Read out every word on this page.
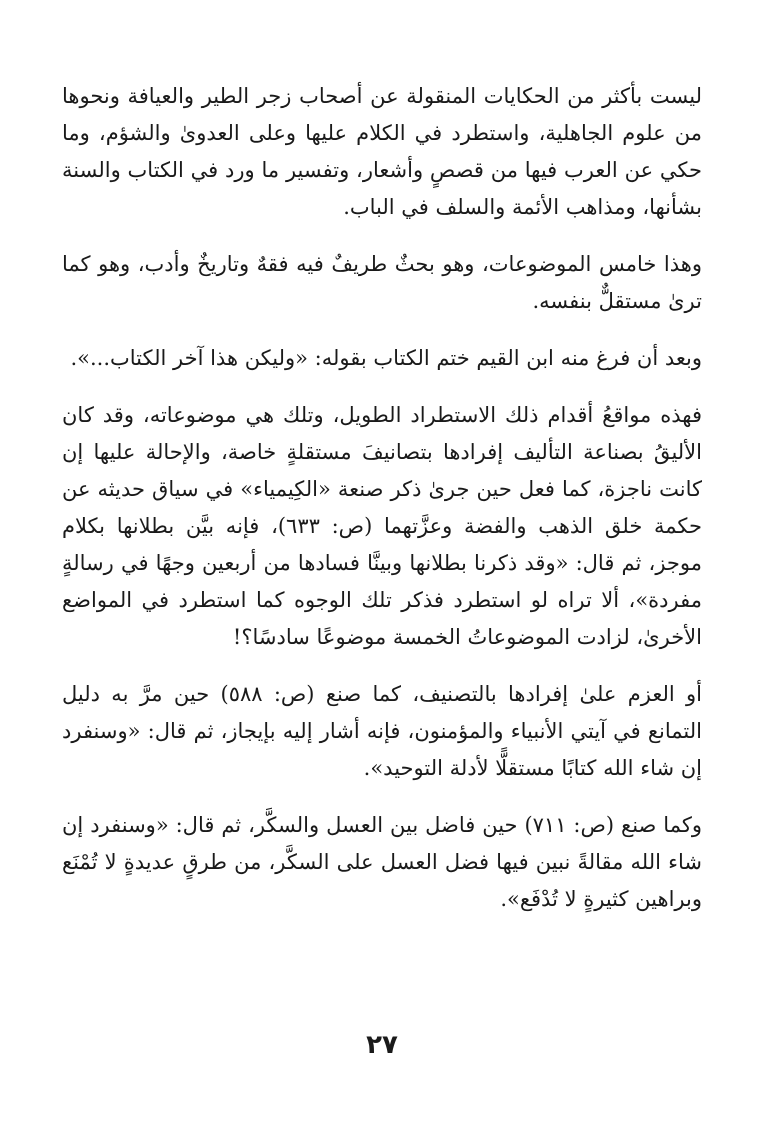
ليست بأكثر من الحكايات المنقولة عن أصحاب زجر الطير والعيافة ونحوها من علوم الجاهلية، واستطرد في الكلام عليها وعلى العدوىٰ والشؤم، وما حكي عن العرب فيها من قصصٍ وأشعار، وتفسير ما ورد في الكتاب والسنة بشأنها، ومذاهب الأئمة والسلف في الباب.

وهذا خامس الموضوعات، وهو بحثٌ طريفٌ فيه فقهٌ وتاريخٌ وأدب، وهو كما ترىٰ مستقلٌّ بنفسه.

وبعد أن فرغ منه ابن القيم ختم الكتاب بقوله: «وليكن هذا آخر الكتاب...».

فهذه مواقعُ أقدام ذلك الاستطراد الطويل، وتلك هي موضوعاته، وقد كان الأليقُ بصناعة التأليف إفرادها بتصانيفَ مستقلةٍ خاصة، والإحالة عليها إن كانت ناجزة، كما فعل حين جرىٰ ذكر صنعة «الكِيمياء» في سياق حديثه عن حكمة خلق الذهب والفضة وعزَّتهما (ص: ٦٣٣)، فإنه بيَّن بطلانها بكلام موجز، ثم قال: «وقد ذكرنا بطلانها وبينَّا فسادها من أربعين وجهًا في رسالةٍ مفردة»، ألا تراه لو استطرد فذكر تلك الوجوه كما استطرد في المواضع الأخرىٰ، لزادت الموضوعاتُ الخمسة موضوعًا سادسًا؟!

أو العزم علىٰ إفرادها بالتصنيف، كما صنع (ص: ٥٨٨) حين مرَّ به دليل التمانع في آيتي الأنبياء والمؤمنون، فإنه أشار إليه بإيجاز، ثم قال: «وسنفرد إن شاء الله كتابًا مستقلًّا لأدلة التوحيد».

وكما صنع (ص: ٧١١) حين فاضل بين العسل والسكَّر، ثم قال: «وسنفرد إن شاء الله مقالةً نبين فيها فضل العسل على السكَّر، من طرقٍ عديدةٍ لا تُمْنَع وبراهين كثيرةٍ لا تُدْفَع».

٢٧
